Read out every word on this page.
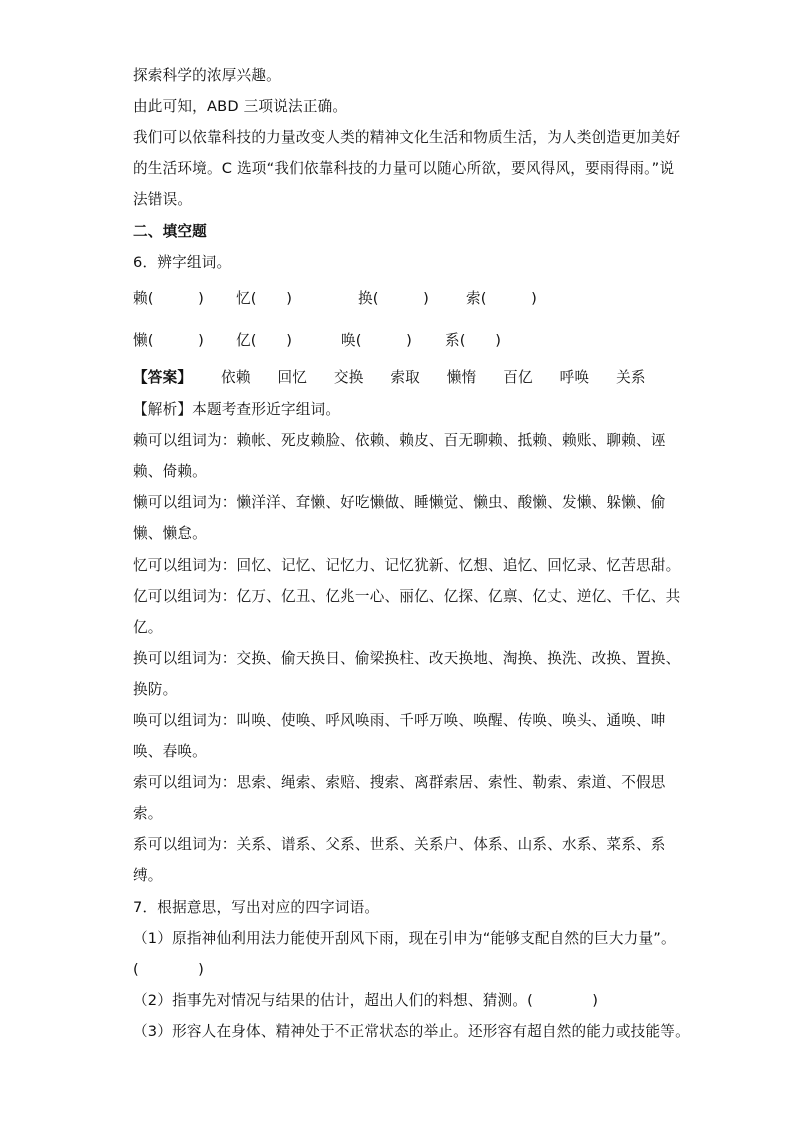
探索科学的浓厚兴趣。
由此可知，ABD 三项说法正确。
我们可以依靠科技的力量改变人类的精神文化生活和物质生活，为人类创造更加美好
的生活环境。C 选项“我们依靠科技的力量可以随心所欲，要风得风，要雨得雨。”说
法错误。
二、填空题
6．辨字组词。
赖(　　　) 忆(　　)	换(　　　)	索(　　　)
懒(　　　) 亿(　　)	唤(　　　) 系(　　)
【答案】 依赖 回忆 交换 索取 懒惰 百亿 呼唤 关系
【解析】本题考查形近字组词。
赖可以组词为：赖帐、死皮赖脸、依赖、赖皮、百无聊赖、抵赖、赖账、聊赖、诬
赖、倚赖。
懒可以组词为：懒洋洋、耷懒、好吃懒做、睡懒觉、懒虫、酸懒、发懒、躲懒、偷
懒、懒怠。
忆可以组词为：回忆、记忆、记忆力、记忆犹新、忆想、追忆、回忆录、忆苦思甜。
亿可以组词为：亿万、亿丑、亿兆一心、丽亿、亿探、亿禀、亿丈、逆亿、千亿、共
亿。
换可以组词为：交换、偷天换日、偷梁换柱、改天换地、淘换、换洗、改换、置换、
换防。
唤可以组词为：叫唤、使唤、呼风唤雨、千呼万唤、唤醒、传唤、唤头、通唤、呻
唤、春唤。
索可以组词为：思索、绳索、索赔、搜索、离群索居、索性、勒索、索道、不假思
索。
系可以组词为：关系、谱系、父系、世系、关系户、体系、山系、水系、菜系、系
缚。
7．根据意思，写出对应的四字词语。
（1）原指神仙利用法力能使开刮风下雨，现在引申为“能够支配自然的巨大力量”。
(　　　　)
（2）指事先对情况与结果的估计，超出人们的料想、猜测。(　　　　)
（3）形容人在身体、精神处于不正常状态的举止。还形容有超自然的能力或技能等。
